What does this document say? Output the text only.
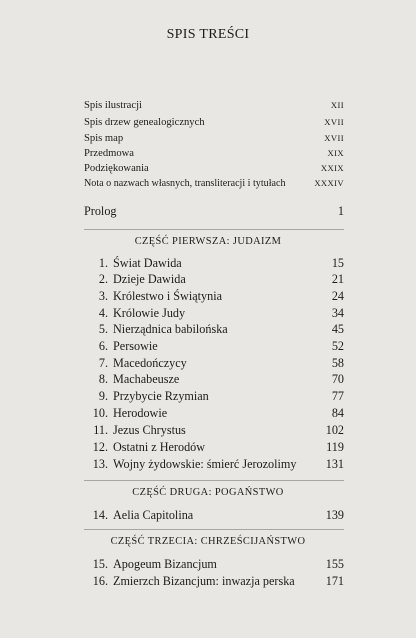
SPIS TREŚCI
Spis ilustracji	XII
Spis drzew genealogicznych	XVII
Spis map	XVII
Przedmowa	XIX
Podziękowania	XXIX
Nota o nazwach własnych, transliteracji i tytułach	XXXIV
Prolog	1
CZĘŚĆ PIERWSZA: JUDAIZM
1. Świat Dawida	15
2. Dzieje Dawida	21
3. Królestwo i Świątynia	24
4. Królowie Judy	34
5. Nierządnica babilońska	45
6. Persowie	52
7. Macedończycy	58
8. Machabeusze	70
9. Przybycie Rzymian	77
10. Herodowie	84
11. Jezus Chrystus	102
12. Ostatni z Herodów	119
13. Wojny żydowskie: śmierć Jerozolimy	131
CZĘŚĆ DRUGA: POGAŃSTWO
14. Aelia Capitolina	139
CZĘŚĆ TRZECIA: CHRZEŚCIJAŃSTWO
15. Apogeum Bizancjum	155
16. Zmierzch Bizancjum: inwazja perska	171
